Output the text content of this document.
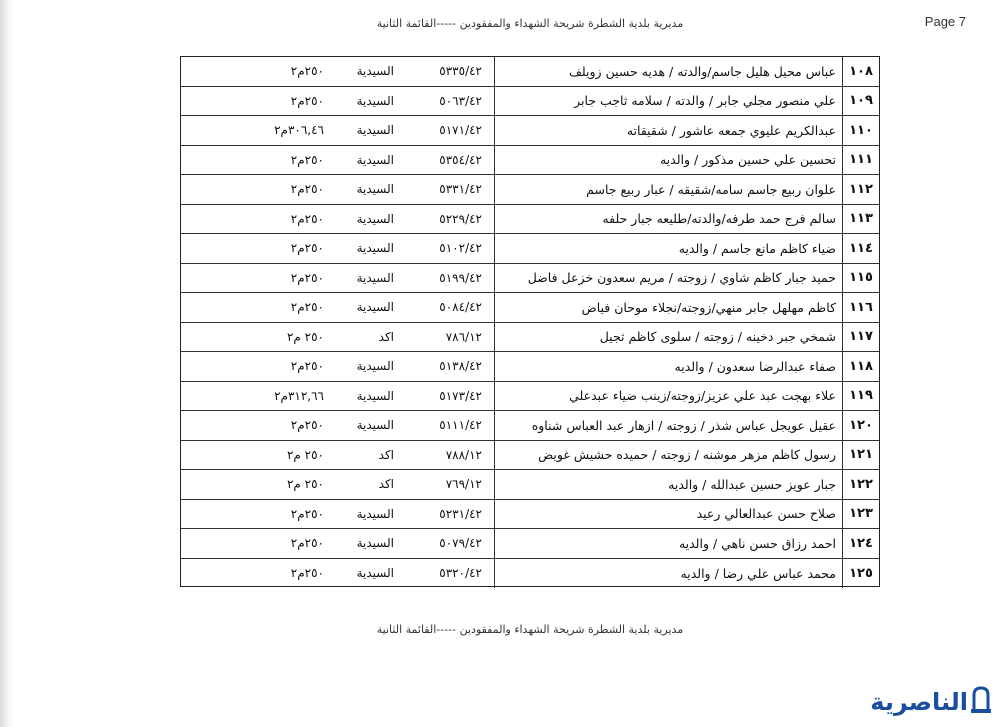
مديرية بلدية الشطرة شريحة الشهداء والمفقودين -----القائمة الثانية	Page 7
١٠٨
عباس محيل هليل جاسم/والدته / هديه حسين زويلف
٥٣٣٥/٤٢
السيدية
٢٥٠م٢
١٠٩
علي منصور مجلي جابر / والدته / سلامه ثاجب جابر
٥٠٦٣/٤٢
السيدية
٢٥٠م٢
١١٠
عبدالكريم عليوي جمعه عاشور / شقيقاته
٥١٧١/٤٢
السيدية
٣٠٦,٤٦م٢
١١١
تحسين علي حسين مذكور / والديه
٥٣٥٤/٤٢
السيدية
٢٥٠م٢
١١٢
علوان ربيع جاسم سامه/شقيقه / عبار ربيع جاسم
٥٣٣١/٤٢
السيدية
٢٥٠م٢
١١٣
سالم فرج حمد طرفه/والدته/طليعه جبار حلفه
٥٢٢٩/٤٢
السيدية
٢٥٠م٢
١١٤
ضياء كاظم مانع جاسم / والديه
٥١٠٢/٤٢
السيدية
٢٥٠م٢
١١٥
حميد جبار كاظم شاوي / زوجته / مريم سعدون خزعل فاضل
٥١٩٩/٤٢
السيدية
٢٥٠م٢
١١٦
كاظم مهلهل جابر منهي/زوجته/نجلاء موحان فياض
٥٠٨٤/٤٢
السيدية
٢٥٠م٢
١١٧
شمخي جبر دخينه / زوجته / سلوى كاظم ثجيل
٧٨٦/١٢
اكد
٢٥٠ م٢
١١٨
صفاء عبدالرضا سعدون / والديه
٥١٣٨/٤٢
السيدية
٢٥٠م٢
١١٩
علاء بهجت عبد علي عزيز/زوجته/زينب ضياء عبدعلي
٥١٧٣/٤٢
السيدية
٣١٢,٦٦م٢
١٢٠
عقيل عويجل عباس شذر / زوجته / ازهار عبد العباس شناوه
٥١١١/٤٢
السيدية
٢٥٠م٢
١٢١
رسول كاظم مزهر موشنه / زوجته / حميده حشيش غويض
٧٨٨/١٢
اكد
٢٥٠ م٢
١٢٢
جبار عويز حسين عبدالله / والديه
٧٦٩/١٢
اكد
٢٥٠ م٢
١٢٣
صلاح حسن عبدالعالي رعيد
٥٢٣١/٤٢
السيدية
٢٥٠م٢
١٢٤
احمد رزاق حسن ناهي / والديه
٥٠٧٩/٤٢
السيدية
٢٥٠م٢
١٢٥
محمد عباس علي رضا / والديه
٥٣٢٠/٤٢
السيدية
٢٥٠م٢
مديرية بلدية الشطرة شريحة الشهداء والمفقودين -----القائمة الثانية
الناصرية
